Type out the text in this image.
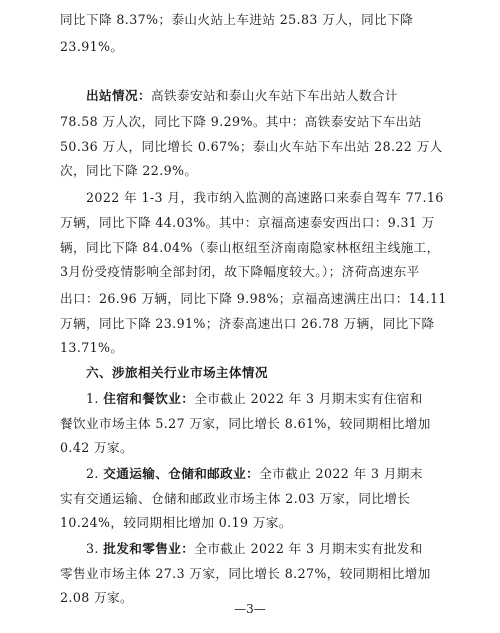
同比下降 8.37%；泰山火站上车进站 25.83 万人，同比下降
23.91%。
出站情况：高铁泰安站和泰山火车站下车出站人数合计
78.58 万人次，同比下降 9.29%。其中：高铁泰安站下车出站
50.36 万人，同比增长 0.67%；泰山火车站下车出站 28.22 万人
次，同比下降 22.9%。
2022 年 1-3 月，我市纳入监测的高速路口来泰自驾车 77.16
万辆，同比下降 44.03%。其中：京福高速泰安西出口：9.31 万
辆，同比下降 84.04%（泰山枢纽至济南南隐家林枢纽主线施工，
3月份受疫情影响全部封闭，故下降幅度较大。）；济荷高速东平
出口：26.96 万辆，同比下降 9.98%；京福高速满庄出口：14.11
万辆，同比下降 23.91%；济泰高速出口 26.78 万辆，同比下降
13.71%。
六、涉旅相关行业市场主体情况
1. 住宿和餐饮业：全市截止 2022 年 3 月期末实有住宿和
餐饮业市场主体 5.27 万家，同比增长 8.61%，较同期相比增加
0.42 万家。
2. 交通运输、仓储和邮政业：全市截止 2022 年 3 月期末
实有交通运输、仓储和邮政业市场主体 2.03 万家，同比增长
10.24%，较同期相比增加 0.19 万家。
3. 批发和零售业：全市截止 2022 年 3 月期末实有批发和
零售业市场主体 27.3 万家，同比增长 8.27%，较同期相比增加
2.08 万家。
—3—
